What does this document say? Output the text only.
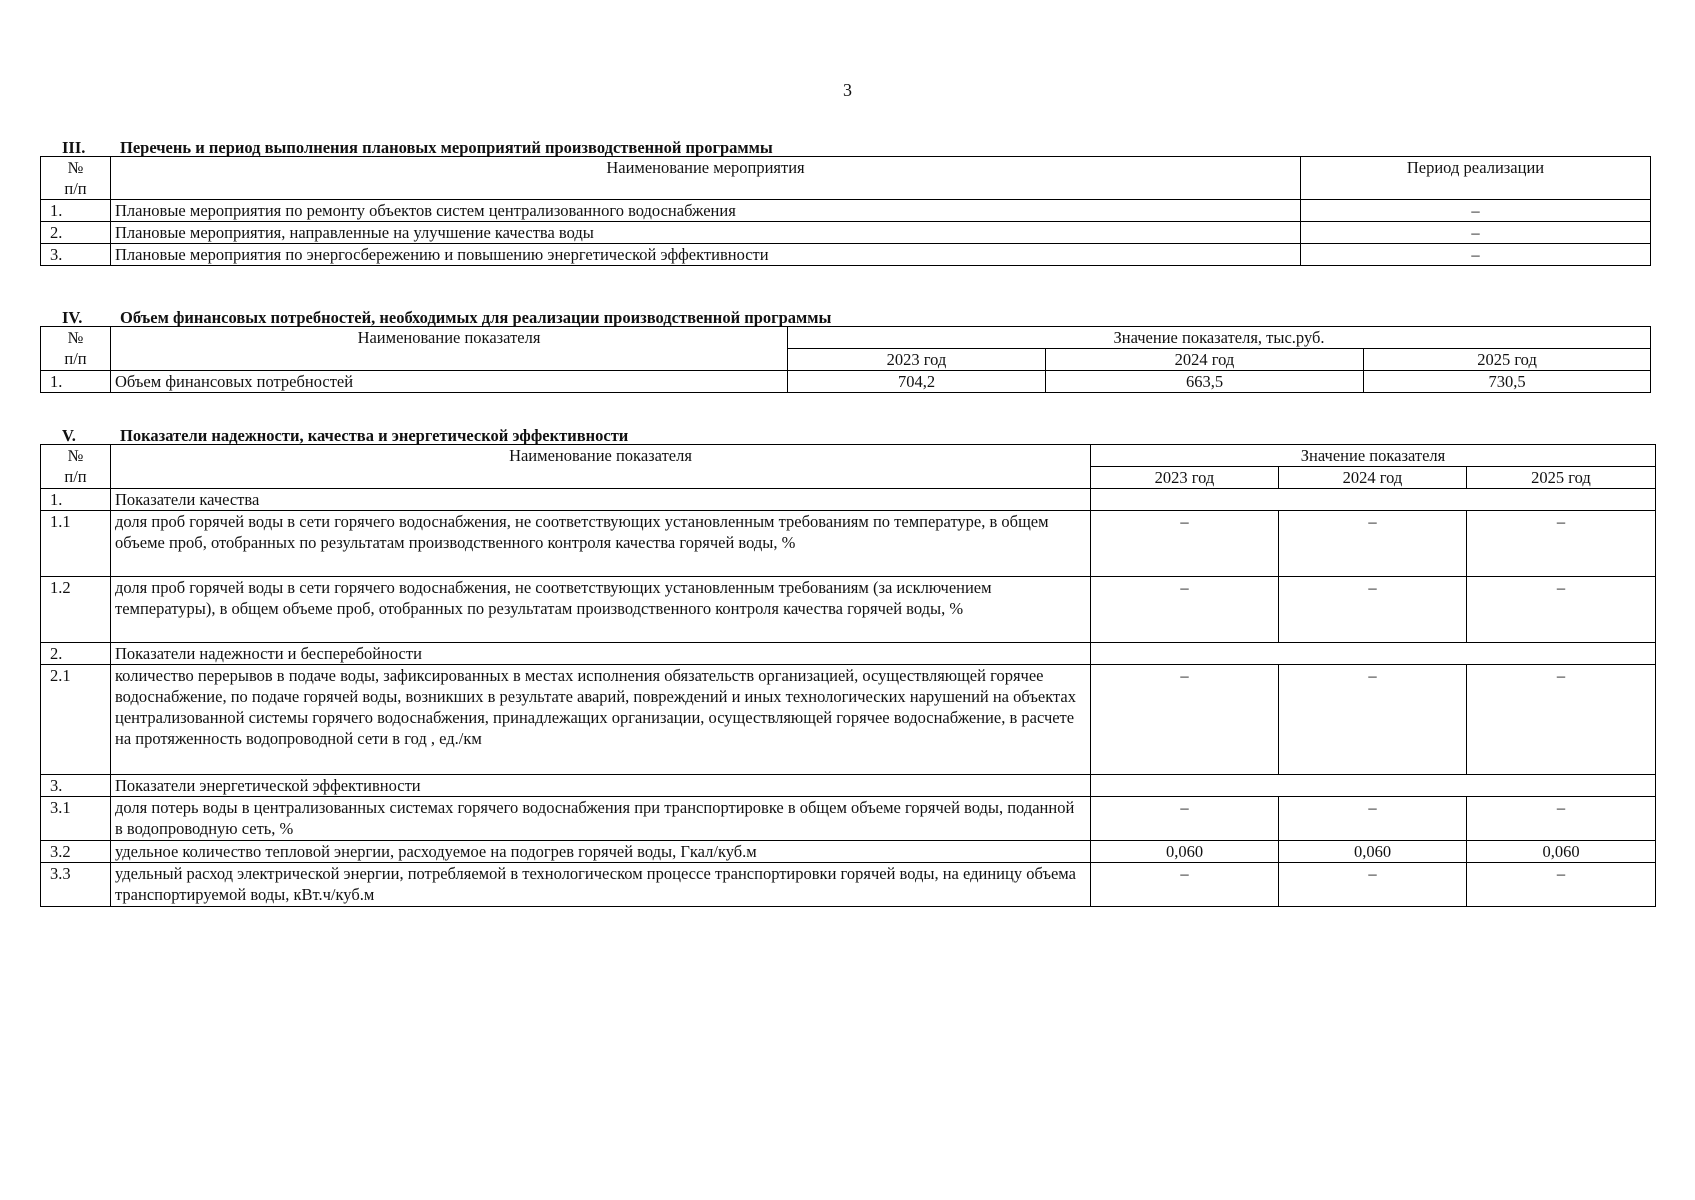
3
III. Перечень и период выполнения плановых мероприятий производственной программы
№
п/п	Наименование мероприятия	Период реализации
1.	Плановые мероприятия по ремонту объектов систем централизованного водоснабжения	–
2.	Плановые мероприятия, направленные на улучшение качества воды	–
3.	Плановые мероприятия по энергосбережению и повышению энергетической эффективности	–
IV. Объем финансовых потребностей, необходимых для реализации производственной программы
№
п/п	Наименование показателя	Значение показателя, тыс.руб.		
		2023 год	2024 год	2025 год
1.	Объем финансовых потребностей	704,2	663,5	730,5
V.	Показатели надежности, качества и энергетической эффективности
№
п/п	Наименование показателя	Значение показателя		
		2023 год	2024 год	2025 год
1.	Показатели качества			
1.1	доля проб горячей воды в сети горячего водоснабжения, не соответствующих установленным требованиям по температуре, в общем объеме проб, отобранных по результатам производственного контроля качества горячей воды, %	–	–	–
1.2	доля проб горячей воды в сети горячего водоснабжения, не соответствующих установленным требованиям (за исключением температуры), в общем объеме проб, отобранных по результатам производственного контроля качества горячей воды, %	–	–	–
2.	Показатели надежности и бесперебойности			
2.1	количество перерывов в подаче воды, зафиксированных в местах исполнения обязательств организацией, осуществляющей горячее водоснабжение, по подаче горячей воды, возникших в результате аварий, повреждений и иных технологических нарушений на объектах централизованной системы горячего водоснабжения, принадлежащих организации, осуществляющей горячее водоснабжение, в расчете на протяженность водопроводной сети в год , ед./км	–	–	–
3.	Показатели энергетической эффективности			
3.1	доля потерь воды в централизованных системах горячего водоснабжения при транспортировке в общем объеме горячей воды, поданной в водопроводную сеть, %	–	–	–
3.2	удельное количество тепловой энергии, расходуемое на подогрев горячей воды, Гкал/куб.м	0,060	0,060	0,060
3.3	удельный расход электрической энергии, потребляемой в технологическом процессе транспортировки горячей воды, на единицу объема транспортируемой воды, кВт.ч/куб.м	–	–	–
